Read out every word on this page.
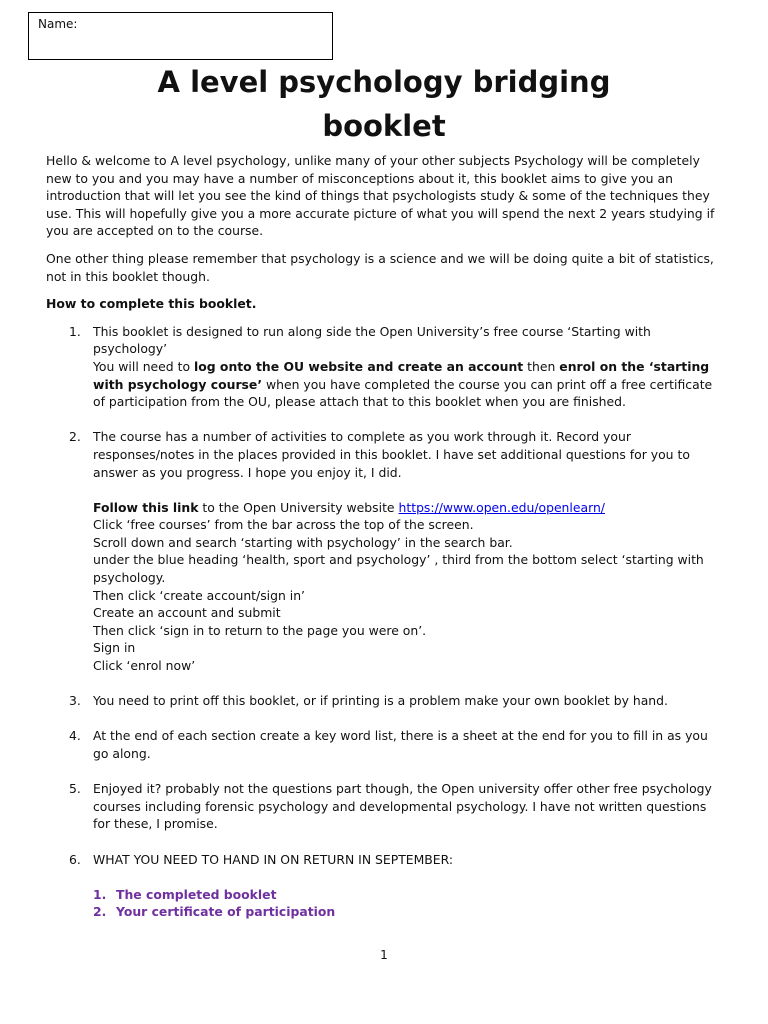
Name:
A level psychology bridging
booklet

Hello & welcome to A level psychology, unlike many of your other subjects Psychology will be completely new to you and you may have a number of misconceptions about it, this booklet aims to give you an introduction that will let you see the kind of things that psychologists study & some of the techniques they use. This will hopefully give you a more accurate picture of what you will spend the next 2 years studying if you are accepted on to the course.

One other thing please remember that psychology is a science and we will be doing quite a bit of statistics, not in this booklet though.

How to complete this booklet.

1. This booklet is designed to run along side the Open University’s free course ‘Starting with psychology’
You will need to log onto the OU website and create an account then enrol on the ‘starting with psychology course’ when you have completed the course you can print off a free certificate of participation from the OU, please attach that to this booklet when you are finished.
2. The course has a number of activities to complete as you work through it. Record your responses/notes in the places provided in this booklet. I have set additional questions for you to answer as you progress. I hope you enjoy it, I did.
Follow this link to the Open University website https://www.open.edu/openlearn/
Click ‘free courses’ from the bar across the top of the screen.
Scroll down and search ‘starting with psychology’ in the search bar.
under the blue heading ‘health, sport and psychology’ , third from the bottom select ‘starting with psychology.
Then click ‘create account/sign in’
Create an account and submit
Then click ‘sign in to return to the page you were on’.
Sign in
Click ‘enrol now’
3. You need to print off this booklet, or if printing is a problem make your own booklet by hand.
4. At the end of each section create a key word list, there is a sheet at the end for you to fill in as you go along.
5. Enjoyed it? probably not the questions part though, the Open university offer other free psychology courses including forensic psychology and developmental psychology. I have not written questions for these, I promise.
6. WHAT YOU NEED TO HAND IN ON RETURN IN SEPTEMBER:
1. The completed booklet
2. Your certificate of participation
1
